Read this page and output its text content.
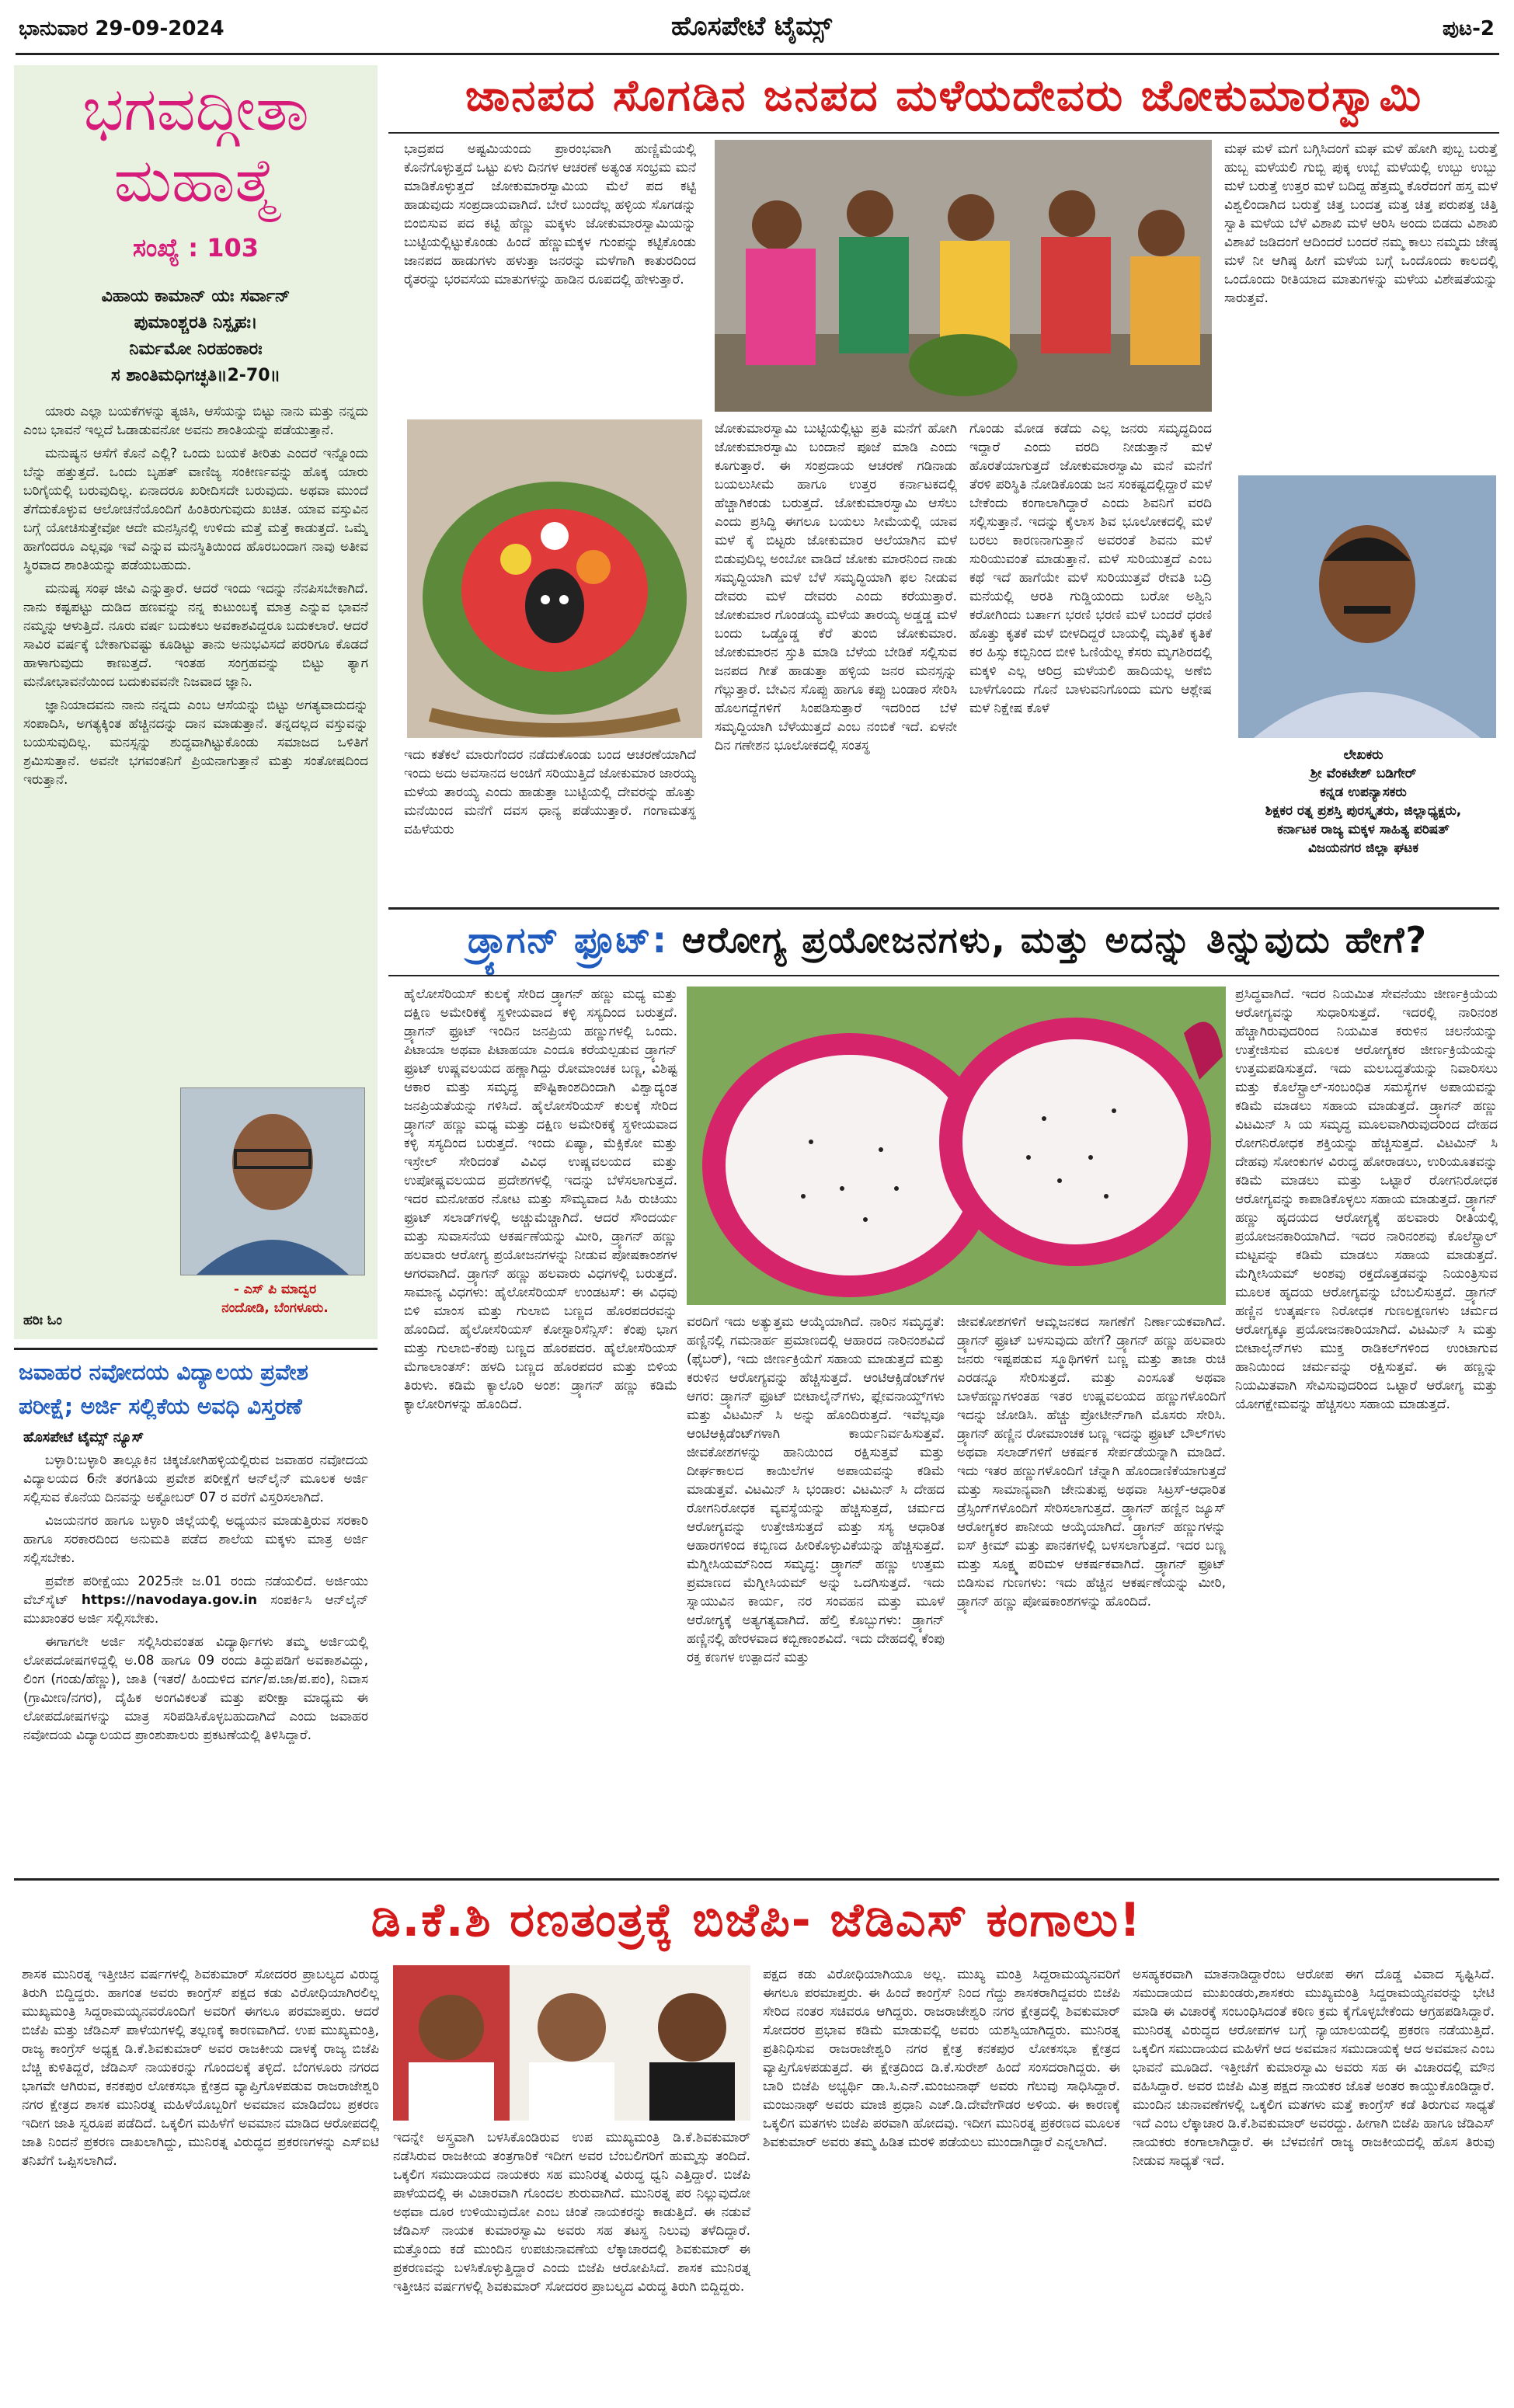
ಭಾನುವಾರ 29-09-2024	ಹೊಸಪೇಟೆ ಟೈಮ್ಸ್	ಪುಟ-2
ಭಗವದ್ಗೀತಾ
ಮಹಾತ್ಮೆ
ಸಂಖ್ಯೆ : 103
ವಿಹಾಯ ಕಾಮಾನ್ ಯಃ ಸರ್ವಾನ್
ಪುಮಾಂಶ್ಚರತಿ ನಿಸ್ಪೃಹಃ।
ನಿರ್ಮಮೋ ನಿರಹಂಕಾರಃ
ಸ ಶಾಂತಿಮಧಿಗಚ್ಛತಿ॥2-70॥

ಯಾರು ಎಲ್ಲಾ ಬಯಕೆಗಳನ್ನು ತ್ಯಜಿಸಿ, ಆಸೆಯನ್ನು ಬಿಟ್ಟು ನಾನು ಮತ್ತು ನನ್ನದು ಎಂಬ ಭಾವನೆ ಇಲ್ಲದೆ ಓಡಾಡುವನೋ ಅವನು ಶಾಂತಿಯನ್ನು ಪಡೆಯುತ್ತಾನೆ.

ಮನುಷ್ಯನ ಆಸೆಗೆ ಕೊನೆ ಎಲ್ಲಿ? ಒಂದು ಬಯಕೆ ತೀರಿತು ಎಂದರೆ ಇನ್ನೊಂದು ಬೆನ್ನು ಹತ್ತುತ್ತದೆ. ಒಂದು ಬೃಹತ್ ವಾಣಿಜ್ಯ ಸಂಕೀರ್ಣವನ್ನು ಹೊಕ್ಕ ಯಾರು ಬರಿಗೈಯಲ್ಲಿ ಬರುವುದಿಲ್ಲ. ಏನಾದರೂ ಖರೀದಿಸದೇ ಬರುವುದು. ಅಥವಾ ಮುಂದೆ ತೆಗೆದುಕೊಳ್ಳುವ ಆಲೋಚನೆಯೊಂದಿಗೆ ಹಿಂತಿರುಗುವುದು ಖಚಿತ. ಯಾವ ವಸ್ತುವಿನ ಬಗ್ಗೆ ಯೋಚಿಸುತ್ತೇವೋ ಆದೇ ಮನಸ್ಸಿನಲ್ಲಿ ಉಳಿದು ಮತ್ತೆ ಮತ್ತೆ ಕಾಡುತ್ತದೆ. ಒಮ್ಮೆ ಹಾಗೆಂದರೂ ಎಲ್ಲವೂ ಇವೆ ಎನ್ನುವ ಮನಸ್ಥಿತಿಯಿಂದ ಹೊರಬಂದಾಗ ನಾವು ಅತೀವ ಸ್ಥಿರವಾದ ಶಾಂತಿಯನ್ನು ಪಡೆಯಬಹುದು.

ಮನುಷ್ಯ ಸಂಘ ಜೀವಿ ಎನ್ನುತ್ತಾರೆ. ಆದರೆ ಇಂದು ಇದನ್ನು ನೆನಪಿಸಬೇಕಾಗಿದೆ. ನಾನು ಕಷ್ಟಪಟ್ಟು ದುಡಿದ ಹಣವನ್ನು ನನ್ನ ಕುಟುಂಬಕ್ಕೆ ಮಾತ್ರ ಎನ್ನುವ ಭಾವನೆ ನಮ್ಮನ್ನು ಆಳುತ್ತಿದೆ. ನೂರು ವರ್ಷ ಬದುಕಲು ಅವಕಾಶವಿದ್ದರೂ ಬದುಕಲಾರೆ. ಆದರೆ ಸಾವಿರ ವರ್ಷಕ್ಕೆ ಬೇಕಾಗುವಷ್ಟು ಕೂಡಿಟ್ಟು ತಾನು ಅನುಭವಿಸದೆ ಪರರಿಗೂ ಕೊಡದೆ ಹಾಳಾಗುವುದು ಕಾಣುತ್ತದೆ. ಇಂತಹ ಸಂಗ್ರಹವನ್ನು ಬಿಟ್ಟು ತ್ಯಾಗ ಮನೋಭಾವನೆಯಿಂದ ಬದುಕುವವನೇ ನಿಜವಾದ ಜ್ಞಾನಿ.

ಜ್ಞಾನಿಯಾದವನು ನಾನು ನನ್ನದು ಎಂಬ ಆಸೆಯನ್ನು ಬಿಟ್ಟು ಅಗತ್ಯವಾದುದನ್ನು ಸಂಪಾದಿಸಿ, ಅಗತ್ಯಕ್ಕಿಂತ ಹೆಚ್ಚಿನದನ್ನು ದಾನ ಮಾಡುತ್ತಾನೆ. ತನ್ನದಲ್ಲದ ವಸ್ತುವನ್ನು ಬಯಸುವುದಿಲ್ಲ. ಮನಸ್ಸನ್ನು ಶುದ್ಧವಾಗಿಟ್ಟುಕೊಂಡು ಸಮಾಜದ ಒಳಿತಿಗೆ ಶ್ರಮಿಸುತ್ತಾನೆ. ಅವನೇ ಭಗವಂತನಿಗೆ ಪ್ರಿಯನಾಗುತ್ತಾನೆ ಮತ್ತು ಸಂತೋಷದಿಂದ ಇರುತ್ತಾನೆ.

- ಎಸ್ ಪಿ ಮಾದ್ವರ
ನಂದೋಡಿ, ಬೆಂಗಳೂರು.
ಹರಿಃ ಓಂ
ಜಾನಪದ ಸೊಗಡಿನ ಜನಪದ ಮಳೆಯದೇವರು ಜೋಕುಮಾರಸ್ವಾಮಿ
ಭಾದ್ರಪದ ಅಷ್ಟಮಿಯಂದು ಪ್ರಾರಂಭವಾಗಿ ಹುಣ್ಣಿಮೆಯಲ್ಲಿ ಕೊನೆಗೊಳ್ಳುತ್ತದೆ ಒಟ್ಟು ಏಳು ದಿನಗಳ ಆಚರಣೆ ಅತ್ಯಂತ ಸಂಭ್ರಮ ಮನೆ ಮಾಡಿಕೊಳ್ಳುತ್ತದೆ ಜೋಕುಮಾರಸ್ವಾಮಿಯ ಮೆಲೆ ಪದ ಕಟ್ಟಿ ಹಾಡುವುದು ಸಂಪ್ರದಾಯವಾಗಿದೆ. ಬೇರೆ ಬುಂದೆಲ್ಲ ಹಳ್ಳಿಯ ಸೊಗಡನ್ನು ಬಿಂಬಿಸುವ ಪದ ಕಟ್ಟಿ ಹೆಣ್ಣು ಮಕ್ಕಳು ಜೋಕುಮಾರಸ್ವಾಮಿಯನ್ನು ಬುಟ್ಟಿಯಲ್ಲಿಟ್ಟುಕೊಂಡು ಹಿಂದೆ ಹೆಣ್ಣುಮಕ್ಕಳ ಗುಂಪನ್ನು ಕಟ್ಟಿಕೊಂಡು ಜಾನಪದ ಹಾಡುಗಳು ಹಳುತ್ತಾ ಜನರನ್ನು ಮಳೆಗಾಗಿ ಕಾತುರದಿಂದ ರೈತರನ್ನು ಭರವಸೆಯ ಮಾತುಗಳನ್ನು ಹಾಡಿನ ರೂಪದಲ್ಲಿ ಹೇಳುತ್ತಾರೆ.
ಇದು ಕತೆಕಲೆ ಮಾರುಗೆಂದರ ನಡೆದುಕೊಂಡು ಬಂದ ಆಚರಣೆಯಾಗಿದೆ ಇಂದು ಅದು ಅವಸಾನದ ಅಂಚಿಗೆ ಸರಿಯುತ್ತಿದೆ ಜೋಕುಮಾರ ಜಾರಯ್ಯ ಮಳೆಯ ತಾರಯ್ಯ ಎಂದು ಹಾಡುತ್ತಾ ಬುಟ್ಟಿಯಲ್ಲಿ ದೇವರನ್ನು ಹೊತ್ತು ಮನೆಯಿಂದ ಮನೆಗೆ ದವಸ ಧಾನ್ಯ ಪಡೆಯುತ್ತಾರೆ. ಗಂಗಾಮತಸ್ಥ ವಹಿಳೆಯರು
ಜೋಕುಮಾರಸ್ವಾಮಿ ಬುಟ್ಟಿಯಲ್ಲಿಟ್ಟು ಪ್ರತಿ ಮನೆಗೆ ಹೋಗಿ ಜೋಕುಮಾರಸ್ವಾಮಿ ಬಂದಾನೆ ಪೂಜೆ ಮಾಡಿ ಎಂದು ಕೂಗುತ್ತಾರೆ. ಈ ಸಂಪ್ರದಾಯ ಆಚರಣೆ ಗಡಿನಾಡು ಬಯಲುಸೀಮೆ ಹಾಗೂ ಉತ್ತರ ಕರ್ನಾಟಕದಲ್ಲಿ ಹೆಚ್ಚಾಗಿಕಂಡು ಬರುತ್ತದೆ. ಜೋಕುಮಾರಸ್ವಾಮಿ ಆಸೆಲು ಎಂದು ಪ್ರಸಿದ್ಧಿ ಈಗಲೂ ಬಯಲು ಸೀಮೆಯಲ್ಲಿ ಯಾವ ಮಳೆ ಕೈ ಬಿಟ್ಟರು ಜೋಕುಮಾರ ಆಲೆಯಾಗಿನ ಮಳೆ ಬಿಡುವುದಿಲ್ಲ ಅಂಬೋ ವಾಡಿದೆ ಜೋಕು ಮಾರನಿಂದ ನಾಡು ಸಮೃದ್ಧಿಯಾಗಿ ಮಳೆ ಬೆಳೆ ಸಮೃದ್ಧಿಯಾಗಿ ಫಲ ನೀಡುವ ದೇವರು ಮಳೆ ದೇವರು ಎಂದು ಕರೆಯುತ್ತಾರೆ. ಜೋಕುಮಾರ ಗೊಂಡಯ್ಯ ಮಳೆಯ ತಾರಯ್ಯ ಅಡ್ಡಡ್ಡ ಮಳೆ ಬಂದು ಒಡ್ಡೊಡ್ಡ ಕೆರೆ ತುಂಬಿ ಜೋಕುಮಾರ. ಜೋಕುಮಾರನ ಸ್ತುತಿ ಮಾಡಿ ಬೆಳೆಯ ಬೇಡಿಕೆ ಸಲ್ಲಿಸುವ ಜನಪದ ಗೀತೆ ಹಾಡುತ್ತಾ ಹಳ್ಳಿಯ ಜನರ ಮನಸ್ಸನ್ನು ಗೆಲ್ಲುತ್ತಾರೆ. ಬೇವಿನ ಸೊಪ್ಪು ಹಾಗೂ ಕಪ್ಪು ಬಂಡಾರ ಸೇರಿಸಿ ಹೊಲಗದ್ದೆಗಳಿಗೆ ಸಿಂಪಡಿಸುತ್ತಾರೆ ಇದರಿಂದ ಬೆಳೆ ಸಮೃದ್ಧಿಯಾಗಿ ಬೆಳೆಯುತ್ತದೆ ಎಂಬ ನಂಬಿಕೆ ಇದೆ. ಏಳನೇ ದಿನ ಗಣೇಶನ ಭೂಲೋಕದಲ್ಲಿ ಸಂತಸ್ಥ
ಗೊಂಡು ಮೋಡ ಕಡೆದು ಎಲ್ಲ ಜನರು ಸಮೃದ್ಧದಿಂದ ಇದ್ದಾರೆ ಎಂದು ವರದಿ ನೀಡುತ್ತಾನೆ ಮಳೆ ಹೊರತೆಯಾಗುತ್ತದೆ ಜೋಕುಮಾರಸ್ವಾಮಿ ಮನೆ ಮನೆಗೆ ತೆರಳಿ ಪರಿಸ್ಥಿತಿ ನೋಡಿಕೊಂಡು ಜನ ಸಂಕಷ್ಟದಲ್ಲಿದ್ದಾರೆ ಮಳೆ ಬೇಕೆಂದು ಕಂಗಾಲಾಗಿದ್ದಾರೆ ಎಂದು ಶಿವನಿಗೆ ವರದಿ ಸಲ್ಲಿಸುತ್ತಾನೆ. ಇದನ್ನು ಕೈಲಾಸ ಶಿವ ಭೂಲೋಕದಲ್ಲಿ ಮಳೆ ಬರಲು ಕಾರಣನಾಗುತ್ತಾನೆ ಅವರಂತೆ ಶಿವನು ಮಳೆ ಸುರಿಯುವಂತೆ ಮಾಡುತ್ತಾನೆ. ಮಳೆ ಸುರಿಯುತ್ತದೆ ಎಂಬ ಕಥೆ ಇದೆ ಹಾಗೆಯೇ ಮಳೆ ಸುರಿಯುತ್ತವೆ ರೇವತಿ ಬದ್ರಿ ಮನೆಯಲ್ಲಿ ಆರತಿ ಗುಡ್ಡಿಯಂದು ಬರೋ ಅಶ್ವಿನಿ ಕರೋಗಿಂದು ಬರ್ತಾಗ ಭರಣಿ ಭರಣಿ ಮಳೆ ಬಂದರೆ ಧರಣಿ ಹೊತ್ತು ಕೃತಕೆ ಮಳೆ ಬೀಳದಿದ್ದರೆ ಬಾಯಲ್ಲಿ ಮೃತಿಕೆ ಕೃತಿಕೆ ಕರ ಹಿಸ್ಸು ಕಬ್ಬಿನಿಂದ ಬೀಳಿ ಓಣಿಯೆಲ್ಲ ಕೆಸರು ಮೃಗಶಿರದಲ್ಲಿ ಮಕ್ಕಳಿ ಎಲ್ಲ ಆರಿದ್ರ ಮಳೆಯಲಿ ಹಾದಿಯಲ್ಲ ಅಣೆಬಿ ಬಾಳೆಗೊಂದು ಗೊನೆ ಬಾಳುವನಿಗೊಂದು ಮಗು ಆಶ್ಲೇಷ ಮಳೆ ನಿಕ್ಷೇಷ ಕೊಳೆ
ಮಘ ಮಳೆ ಮಗೆ ಬಗ್ಗಿಸಿದಂಗೆ ಮಘ ಮಳೆ ಹೋಗಿ ಪುಬ್ಬ ಬರುತ್ತೆ ಹುಬ್ಬ ಮಳೆಯಲಿ ಗುಬ್ಬಿ ಪುಕ್ಕ ಉಬ್ಬೆ ಮಳೆಯಲ್ಲಿ ಉಬ್ಬು ಉಬ್ಬು ಮಳೆ ಬರುತ್ತೆ ಉತ್ತರ ಮಳೆ ಬದಿದ್ದ ಹೆತ್ತಮ್ಮ ಕೊರೆದಂಗೆ ಹಸ್ತ ಮಳೆ ವಿಶ್ವಲಿಂದಾಗಿದ ಬರುತ್ತೆ ಚಿತ್ತ ಬಂದತ್ತ ಮತ್ತ ಚಿತ್ತ ಪರುಪತ್ತ ಚಿತ್ತಿ ಸ್ವಾತಿ ಮಳೆಯ ಬೆಳೆ ವಿಶಾಖಿ ಮಳೆ ಆರಿಸಿ ಅಂದು ಬಿಡದು ವಿಶಾಖಿ ವಿಶಾಖೆ ಜಡಿದಂಗೆ ಆದಿಂದರೆ ಬಂದರೆ ನಮ್ಮ ಕಾಲು ನಮ್ಮದು ಜೇಷ್ಠ ಮಳೆ ನೀ ಆಗಿಷ್ಠ ಹೀಗೆ ಮಳೆಯ ಬಗ್ಗೆ ಒಂದೊಂದು ಕಾಲದಲ್ಲಿ ಒಂದೊಂದು ರೀತಿಯಾದ ಮಾತುಗಳನ್ನು ಮಳೆಯ ವಿಶೇಷತೆಯನ್ನು ಸಾರುತ್ತವೆ.
ಲೇಖಕರು
ಶ್ರೀ ವೆಂಕಟೇಶ್ ಬಡಿಗೇರ್
ಕನ್ನಡ ಉಪನ್ಯಾಸಕರು
ಶಿಕ್ಷಕರ ರತ್ನ ಪ್ರಶಸ್ತಿ ಪುರಸ್ಕೃತರು, ಜಿಲ್ಲಾಧ್ಯಕ್ಷರು,
ಕರ್ನಾಟಕ ರಾಜ್ಯ ಮಕ್ಕಳ ಸಾಹಿತ್ಯ ಪರಿಷತ್
ವಿಜಯನಗರ ಜಿಲ್ಲಾ ಘಟಕ
ಡ್ರ್ಯಾಗನ್ ಫ್ರೂಟ್: ಆರೋಗ್ಯ ಪ್ರಯೋಜನಗಳು, ಮತ್ತು ಅದನ್ನು ತಿನ್ನುವುದು ಹೇಗೆ?
ಹೈಲೋಸೆರಿಯಸ್ ಕುಲಕ್ಕೆ ಸೇರಿದ ಡ್ರ್ಯಾಗನ್ ಹಣ್ಣು ಮಧ್ಯ ಮತ್ತು ದಕ್ಷಿಣ ಅಮೇರಿಕಕ್ಕೆ ಸ್ಥಳೀಯವಾದ ಕಳ್ಳಿ ಸಸ್ಯದಿಂದ ಬರುತ್ತದೆ. ಡ್ರ್ಯಾಗನ್ ಫ್ರೂಟ್ ಇಂದಿನ ಜನಪ್ರಿಯ ಹಣ್ಣುಗಳಲ್ಲಿ ಒಂದು. ಪಿಟಾಯಾ ಅಥವಾ ಪಿಟಾಹಯಾ ಎಂದೂ ಕರೆಯಲ್ಪಡುವ ಡ್ರ್ಯಾಗನ್ ಫ್ರೂಟ್ ಉಷ್ಣವಲಯದ ಹಣ್ಣಾಗಿದ್ದು ರೋಮಾಂಚಕ ಬಣ್ಣ, ವಿಶಿಷ್ಟ ಆಕಾರ ಮತ್ತು ಸಮೃದ್ಧ ಪೌಷ್ಟಿಕಾಂಶದಿಂದಾಗಿ ವಿಶ್ವಾದ್ಯಂತ ಜನಪ್ರಿಯತೆಯನ್ನು ಗಳಿಸಿದೆ. ಹೈಲೋಸೆರಿಯಸ್ ಕುಲಕ್ಕೆ ಸೇರಿದ ಡ್ರ್ಯಾಗನ್ ಹಣ್ಣು ಮಧ್ಯ ಮತ್ತು ದಕ್ಷಿಣ ಅಮೇರಿಕಕ್ಕೆ ಸ್ಥಳೀಯವಾದ ಕಳ್ಳಿ ಸಸ್ಯದಿಂದ ಬರುತ್ತದೆ. ಇಂದು ಏಷ್ಯಾ, ಮೆಕ್ಸಿಕೋ ಮತ್ತು ಇಸ್ರೇಲ್ ಸೇರಿದಂತೆ ವಿವಿಧ ಉಷ್ಣವಲಯದ ಮತ್ತು ಉಪೋಷ್ಣವಲಯದ ಪ್ರದೇಶಗಳಲ್ಲಿ ಇದನ್ನು ಬೆಳೆಸಲಾಗುತ್ತದೆ. ಇದರ ಮನೋಹರ ನೋಟ ಮತ್ತು ಸೌಮ್ಯವಾದ ಸಿಹಿ ರುಚಿಯು ಫ್ರೂಟ್ ಸಲಾಡ್‌ಗಳಲ್ಲಿ ಅಚ್ಚುಮೆಚ್ಚಾಗಿದೆ. ಆದರೆ ಸೌಂದರ್ಯ ಮತ್ತು ಸುವಾಸನೆಯ ಆಕರ್ಷಣೆಯನ್ನು ಮೀರಿ, ಡ್ರ್ಯಾಗನ್ ಹಣ್ಣು ಹಲವಾರು ಆರೋಗ್ಯ ಪ್ರಯೋಜನಗಳನ್ನು ನೀಡುವ ಪೋಷಕಾಂಶಗಳ ಆಗರವಾಗಿದೆ. ಡ್ರ್ಯಾಗನ್ ಹಣ್ಣು ಹಲವಾರು ವಿಧಗಳಲ್ಲಿ ಬರುತ್ತದೆ. ಸಾಮಾನ್ಯ ವಿಧಗಳು: ಹೈಲೋಸೆರಿಯಸ್ ಉಂಡಟಸ್: ಈ ವಿಧವು ಬಿಳಿ ಮಾಂಸ ಮತ್ತು ಗುಲಾಬಿ ಬಣ್ಣದ ಹೊರಪದರವನ್ನು ಹೊಂದಿದೆ. ಹೈಲೋಸೆರಿಯಸ್ ಕೋಸ್ಟಾರಿಸೆನ್ಸಿಸ್: ಕೆಂಪು ಭಾಗ ಮತ್ತು ಗುಲಾಬಿ-ಕೆಂಪು ಬಣ್ಣದ ಹೊರಪದರ. ಹೈಲೋಸೆರಿಯಸ್ ಮೆಗಾಲಾಂತಸ್: ಹಳದಿ ಬಣ್ಣದ ಹೊರಪದರ ಮತ್ತು ಬಿಳಿಯ ತಿರುಳು. ಕಡಿಮೆ ಕ್ಯಾಲೊರಿ ಅಂಶ: ಡ್ರ್ಯಾಗನ್ ಹಣ್ಣು ಕಡಿಮೆ ಕ್ಯಾಲೋರಿಗಳನ್ನು ಹೊಂದಿದೆ.
ವರದಿಗೆ ಇದು ಅತ್ಯುತ್ತಮ ಆಯ್ಕೆಯಾಗಿದೆ. ನಾರಿನ ಸಮೃದ್ಧತೆ: ಹಣ್ಣಿನಲ್ಲಿ ಗಮನಾರ್ಹ ಪ್ರಮಾಣದಲ್ಲಿ ಆಹಾರದ ನಾರಿನಂಶವಿದೆ (ಫೈಬರ್), ಇದು ಜೀರ್ಣಕ್ರಿಯೆಗೆ ಸಹಾಯ ಮಾಡುತ್ತದೆ ಮತ್ತು ಕರುಳಿನ ಆರೋಗ್ಯವನ್ನು ಹೆಚ್ಚಿಸುತ್ತದೆ. ಆಂಟಿಆಕ್ಸಿಡೆಂಟ್‌ಗಳ ಆಗರ: ಡ್ರ್ಯಾಗನ್ ಫ್ರೂಟ್ ಬೀಟಾಲೈನ್‌ಗಳು, ಫ್ಲೇವನಾಯ್ಡ್‌ಗಳು ಮತ್ತು ವಿಟಮಿನ್ ಸಿ ಅನ್ನು ಹೊಂದಿರುತ್ತದೆ. ಇವೆಲ್ಲವೂ ಆಂಟಿಆಕ್ಸಿಡೆಂಟ್‌ಗಳಾಗಿ ಕಾರ್ಯನಿರ್ವಹಿಸುತ್ತವೆ. ಜೀವಕೋಶಗಳನ್ನು ಹಾನಿಯಿಂದ ರಕ್ಷಿಸುತ್ತವೆ ಮತ್ತು ದೀರ್ಘಕಾಲದ ಕಾಯಿಲೆಗಳ ಅಪಾಯವನ್ನು ಕಡಿಮೆ ಮಾಡುತ್ತವೆ. ವಿಟಮಿನ್ ಸಿ ಭಂಡಾರ: ವಿಟಮಿನ್ ಸಿ ದೇಹದ ರೋಗನಿರೋಧಕ ವ್ಯವಸ್ಥೆಯನ್ನು ಹೆಚ್ಚಿಸುತ್ತದೆ, ಚರ್ಮದ ಆರೋಗ್ಯವನ್ನು ಉತ್ತೇಜಿಸುತ್ತದೆ ಮತ್ತು ಸಸ್ಯ ಆಧಾರಿತ ಆಹಾರಗಳಿಂದ ಕಬ್ಬಿಣದ ಹೀರಿಕೊಳ್ಳುವಿಕೆಯನ್ನು ಹೆಚ್ಚಿಸುತ್ತದೆ. ಮೆಗ್ನೀಸಿಯಮ್‌ನಿಂದ ಸಮೃದ್ಧ: ಡ್ರ್ಯಾಗನ್ ಹಣ್ಣು ಉತ್ತಮ ಪ್ರಮಾಣದ ಮೆಗ್ನೀಸಿಯಮ್ ಅನ್ನು ಒದಗಿಸುತ್ತದೆ. ಇದು ಸ್ನಾಯುವಿನ ಕಾರ್ಯ, ನರ ಸಂವಹನ ಮತ್ತು ಮೂಳೆ ಆರೋಗ್ಯಕ್ಕೆ ಅತ್ಯಗತ್ಯವಾಗಿದೆ. ಹೆಲ್ತಿ ಕೊಬ್ಬುಗಳು: ಡ್ರ್ಯಾಗನ್ ಹಣ್ಣಿನಲ್ಲಿ ಹೇರಳವಾದ ಕಬ್ಬಿಣಾಂಶವಿದೆ. ಇದು ದೇಹದಲ್ಲಿ ಕೆಂಪು ರಕ್ತ ಕಣಗಳ ಉತ್ಪಾದನೆ ಮತ್ತು
ಜೀವಕೋಶಗಳಿಗೆ ಆಮ್ಲಜನಕದ ಸಾಗಣೆಗೆ ನಿರ್ಣಾಯಕವಾಗಿದೆ. ಡ್ರ್ಯಾಗನ್ ಫ್ರೂಟ್ ಬಳಸುವುದು ಹೇಗೆ? ಡ್ರ್ಯಾಗನ್ ಹಣ್ಣು ಹಲವಾರು ಜನರು ಇಷ್ಟಪಡುವ ಸ್ಮೂಥಿಗಳಿಗೆ ಬಣ್ಣ ಮತ್ತು ತಾಜಾ ರುಚಿ ಎರಡನ್ನೂ ಸೇರಿಸುತ್ತದೆ. ಮತ್ತು ಎಂಸೂತೆ ಅಥವಾ ಬಾಳೆಹಣ್ಣುಗಳಂತಹ ಇತರ ಉಷ್ಣವಲಯದ ಹಣ್ಣುಗಳೊಂದಿಗೆ ಇದನ್ನು ಜೋಡಿಸಿ. ಹೆಚ್ಚು ಪ್ರೋಟೀನ್‌ಗಾಗಿ ಮೊಸರು ಸೇರಿಸಿ. ಡ್ರ್ಯಾಗನ್ ಹಣ್ಣಿನ ರೋಮಾಂಚಕ ಬಣ್ಣ ಇದನ್ನು ಫ್ರೂಟ್ ಬೌಲ್‌ಗಳು ಅಥವಾ ಸಲಾಡ್‌ಗಳಿಗೆ ಆಕರ್ಷಕ ಸೇರ್ಪಡೆಯನ್ನಾಗಿ ಮಾಡಿದೆ. ಇದು ಇತರ ಹಣ್ಣುಗಳೊಂದಿಗೆ ಚೆನ್ನಾಗಿ ಹೊಂದಾಣಿಕೆಯಾಗುತ್ತದೆ ಮತ್ತು ಸಾಮಾನ್ಯವಾಗಿ ಜೇನುತುಪ್ಪ ಅಥವಾ ಸಿಟ್ರಸ್-ಆಧಾರಿತ ಡ್ರೆಸ್ಸಿಂಗ್‌ಗಳೊಂದಿಗೆ ಸೇರಿಸಲಾಗುತ್ತದೆ. ಡ್ರ್ಯಾಗನ್ ಹಣ್ಣಿನ ಜ್ಯೂಸ್ ಆರೋಗ್ಯಕರ ಪಾನೀಯ ಆಯ್ಕೆಯಾಗಿದೆ. ಡ್ರ್ಯಾಗನ್ ಹಣ್ಣುಗಳನ್ನು ಐಸ್ ಕ್ರೀಮ್ ಮತ್ತು ಪಾನಕಗಳಲ್ಲಿ ಬಳಸಲಾಗುತ್ತದೆ. ಇದರ ಬಣ್ಣ ಮತ್ತು ಸೂಕ್ಷ್ಮ ಪರಿಮಳ ಆಕರ್ಷಕವಾಗಿದೆ. ಡ್ರ್ಯಾಗನ್ ಫ್ರೂಟ್ ಬಿಡಿಸುವ ಗುಣಗಳು: ಇದು ಹೆಚ್ಚಿನ ಆಕರ್ಷಣೆಯನ್ನು ಮೀರಿ, ಡ್ರ್ಯಾಗನ್ ಹಣ್ಣು ಪೋಷಕಾಂಶಗಳನ್ನು ಹೊಂದಿದೆ.
ಪ್ರಸಿದ್ಧವಾಗಿದೆ. ಇದರ ನಿಯಮಿತ ಸೇವನೆಯು ಜೀರ್ಣಕ್ರಿಯೆಯ ಆರೋಗ್ಯವನ್ನು ಸುಧಾರಿಸುತ್ತದೆ. ಇದರಲ್ಲಿ ನಾರಿನಂಶ ಹೆಚ್ಚಾಗಿರುವುದರಿಂದ ನಿಯಮಿತ ಕರುಳಿನ ಚಲನೆಯನ್ನು ಉತ್ತೇಜಿಸುವ ಮೂಲಕ ಆರೋಗ್ಯಕರ ಜೀರ್ಣಕ್ರಿಯೆಯನ್ನು ಉತ್ತಮಪಡಿಸುತ್ತದೆ. ಇದು ಮಲಬದ್ಧತೆಯನ್ನು ನಿವಾರಿಸಲು ಮತ್ತು ಕೊಲೆಸ್ಟ್ರಾಲ್-ಸಂಬಂಧಿತ ಸಮಸ್ಯೆಗಳ ಅಪಾಯವನ್ನು ಕಡಿಮೆ ಮಾಡಲು ಸಹಾಯ ಮಾಡುತ್ತದೆ. ಡ್ರ್ಯಾಗನ್ ಹಣ್ಣು ವಿಟಮಿನ್ ಸಿ ಯ ಸಮೃದ್ಧ ಮೂಲವಾಗಿರುವುದರಿಂದ ದೇಹದ ರೋಗನಿರೋಧಕ ಶಕ್ತಿಯನ್ನು ಹೆಚ್ಚಿಸುತ್ತದೆ. ವಿಟಮಿನ್ ಸಿ ದೇಹವು ಸೋಂಕುಗಳ ವಿರುದ್ಧ ಹೋರಾಡಲು, ಉರಿಯೂತವನ್ನು ಕಡಿಮೆ ಮಾಡಲು ಮತ್ತು ಒಟ್ಟಾರೆ ರೋಗನಿರೋಧಕ ಆರೋಗ್ಯವನ್ನು ಕಾಪಾಡಿಕೊಳ್ಳಲು ಸಹಾಯ ಮಾಡುತ್ತದೆ. ಡ್ರ್ಯಾಗನ್ ಹಣ್ಣು ಹೃದಯದ ಆರೋಗ್ಯಕ್ಕೆ ಹಲವಾರು ರೀತಿಯಲ್ಲಿ ಪ್ರಯೋಜನಕಾರಿಯಾಗಿದೆ. ಇದರ ನಾರಿನಂಶವು ಕೊಲೆಸ್ಟ್ರಾಲ್ ಮಟ್ಟವನ್ನು ಕಡಿಮೆ ಮಾಡಲು ಸಹಾಯ ಮಾಡುತ್ತದೆ. ಮೆಗ್ನೀಸಿಯಮ್ ಅಂಶವು ರಕ್ತದೊತ್ತಡವನ್ನು ನಿಯಂತ್ರಿಸುವ ಮೂಲಕ ಹೃದಯ ಆರೋಗ್ಯವನ್ನು ಬೆಂಬಲಿಸುತ್ತದೆ. ಡ್ರ್ಯಾಗನ್ ಹಣ್ಣಿನ ಉತ್ಕರ್ಷಣ ನಿರೋಧಕ ಗುಣಲಕ್ಷಣಗಳು ಚರ್ಮದ ಆರೋಗ್ಯಕ್ಕೂ ಪ್ರಯೋಜನಕಾರಿಯಾಗಿದೆ. ವಿಟಮಿನ್ ಸಿ ಮತ್ತು ಬೀಟಾಲೈನ್‌ಗಳು ಮುಕ್ತ ರಾಡಿಕಲ್‌ಗಳಿಂದ ಉಂಟಾಗುವ ಹಾನಿಯಿಂದ ಚರ್ಮವನ್ನು ರಕ್ಷಿಸುತ್ತವೆ. ಈ ಹಣ್ಣನ್ನು ನಿಯಮಿತವಾಗಿ ಸೇವಿಸುವುದರಿಂದ ಒಟ್ಟಾರೆ ಆರೋಗ್ಯ ಮತ್ತು ಯೋಗಕ್ಷೇಮವನ್ನು ಹೆಚ್ಚಿಸಲು ಸಹಾಯ ಮಾಡುತ್ತದೆ.
ಜವಾಹರ ನವೋದಯ ವಿದ್ಯಾಲಯ ಪ್ರವೇಶ
ಪರೀಕ್ಷೆ; ಅರ್ಜಿ ಸಲ್ಲಿಕೆಯ ಅವಧಿ ವಿಸ್ತರಣೆ
ಹೊಸಪೇಟೆ ಟೈಮ್ಸ್ ನ್ಯೂಸ್

ಬಳ್ಳಾರಿ:ಬಳ್ಳಾರಿ ತಾಲ್ಲೂಕಿನ ಚಿಕ್ಕಜೋಗಿಹಳ್ಳಿಯಲ್ಲಿರುವ ಜವಾಹರ ನವೋದಯ ವಿದ್ಯಾಲಯದ 6ನೇ ತರಗತಿಯ ಪ್ರವೇಶ ಪರೀಕ್ಷೆಗೆ ಆನ್‌ಲೈನ್ ಮೂಲಕ ಅರ್ಜಿ ಸಲ್ಲಿಸುವ ಕೊನೆಯ ದಿನವನ್ನು ಅಕ್ಟೋಬರ್ 07 ರ ವರೆಗೆ ವಿಸ್ತರಿಸಲಾಗಿದೆ.

ವಿಜಯನಗರ ಹಾಗೂ ಬಳ್ಳಾರಿ ಜಿಲ್ಲೆಯಲ್ಲಿ ಅಧ್ಯಯನ ಮಾಡುತ್ತಿರುವ ಸರಕಾರಿ ಹಾಗೂ ಸರಕಾರದಿಂದ ಅನುಮತಿ ಪಡೆದ ಶಾಲೆಯ ಮಕ್ಕಳು ಮಾತ್ರ ಅರ್ಜಿ ಸಲ್ಲಿಸಬೇಕು.

ಪ್ರವೇಶ ಪರೀಕ್ಷೆಯು 2025ನೇ ಜ.01 ರಂದು ನಡೆಯಲಿದೆ. ಅರ್ಜಿಯು ವೆಬ್‌ಸೈಟ್ https://navodaya.gov.in ಸಂಪರ್ಕಿಸಿ ಆನ್‌ಲೈನ್ ಮುಖಾಂತರ ಅರ್ಜಿ ಸಲ್ಲಿಸಬೇಕು.

ಈಗಾಗಲೇ ಅರ್ಜಿ ಸಲ್ಲಿಸಿರುವಂತಹ ವಿದ್ಯಾರ್ಥಿಗಳು ತಮ್ಮ ಅರ್ಜಿಯಲ್ಲಿ ಲೋಪದೋಷಗಳಿದ್ದಲ್ಲಿ ಅ.08 ಹಾಗೂ 09 ರಂದು ತಿದ್ದುಪಡಿಗೆ ಅವಕಾಶವಿದ್ದು, ಲಿಂಗ (ಗಂಡು/ಹೆಣ್ಣು), ಜಾತಿ (ಇತರೆ/ ಹಿಂದುಳಿದ ವರ್ಗ/ಪ.ಜಾ/ಪ.ಪಂ), ನಿವಾಸ (ಗ್ರಾಮೀಣ/ನಗರ), ದೈಹಿಕ ಅಂಗವಿಕಲತೆ ಮತ್ತು ಪರೀಕ್ಷಾ ಮಾಧ್ಯಮ ಈ ಲೋಪದೋಷಗಳನ್ನು ಮಾತ್ರ ಸರಿಪಡಿಸಿಕೊಳ್ಳಬಹುದಾಗಿದೆ ಎಂದು ಜವಾಹರ ನವೋದಯ ವಿದ್ಯಾಲಯದ ಪ್ರಾಂಶುಪಾಲರು ಪ್ರಕಟಣೆಯಲ್ಲಿ ತಿಳಿಸಿದ್ದಾರೆ.

ಡಿ.ಕೆ.ಶಿ ರಣತಂತ್ರಕ್ಕೆ ಬಿಜೆಪಿ- ಜೆಡಿಎಸ್ ಕಂಗಾಲು!
ಶಾಸಕ ಮುನಿರತ್ನ ಇತ್ತೀಚಿನ ವರ್ಷಗಳಲ್ಲಿ ಶಿವಕುಮಾರ್ ಸೋದರರ ಪ್ರಾಬಲ್ಯದ ವಿರುದ್ಧ ತಿರುಗಿ ಬಿದ್ದಿದ್ದರು. ಹಾಗಂತ ಅವರು ಕಾಂಗ್ರೆಸ್ ಪಕ್ಷದ ಕಡು ವಿರೋಧಿಯಾಗಿರಲಿಲ್ಲ ಮುಖ್ಯಮಂತ್ರಿ ಸಿದ್ದರಾಮಯ್ಯನವರೊಂದಿಗೆ ಅವರಿಗೆ ಈಗಲೂ ಪರಮಾಪ್ತರು. ಆದರೆ ಬಿಜೆಪಿ ಮತ್ತು ಜೆಡಿಎಸ್ ಪಾಳೆಯಗಳಲ್ಲಿ ತಲ್ಲಣಕ್ಕೆ ಕಾರಣವಾಗಿದೆ. ಉಪ ಮುಖ್ಯಮಂತ್ರಿ, ರಾಜ್ಯ ಕಾಂಗ್ರೆಸ್ ಅಧ್ಯಕ್ಷ ಡಿ.ಕೆ.ಶಿವಕುಮಾರ್ ಅವರ ರಾಜಕೀಯ ದಾಳಕ್ಕೆ ರಾಜ್ಯ ಬಿಜೆಪಿ ಬೆಚ್ಚಿ ಕುಳಿತಿದ್ದರೆ, ಜೆಡಿಎಸ್ ನಾಯಕರನ್ನು ಗೊಂದಲಕ್ಕೆ ತಳ್ಳಿದೆ. ಬೆಂಗಳೂರು ನಗರದ ಭಾಗವೇ ಆಗಿರುವ, ಕನಕಪುರ ಲೋಕಸಭಾ ಕ್ಷೇತ್ರದ ವ್ಯಾಪ್ತಿಗೊಳಪಡುವ ರಾಜರಾಜೇಶ್ವರಿ ನಗರ ಕ್ಷೇತ್ರದ ಶಾಸಕ ಮುನಿರತ್ನ ಮಹಿಳೆಯೊಬ್ಬರಿಗೆ ಅವಮಾನ ಮಾಡಿದೆಂಬ ಪ್ರಕರಣ ಇದೀಗ ಜಾತಿ ಸ್ವರೂಪ ಪಡೆದಿದೆ. ಒಕ್ಕಲಿಗ ಮಹಿಳೆಗೆ ಅವಮಾನ ಮಾಡಿದ ಆರೋಪದಲ್ಲಿ ಜಾತಿ ನಿಂದನೆ ಪ್ರಕರಣ ದಾಖಲಾಗಿದ್ದು, ಮುನಿರತ್ನ ವಿರುದ್ಧದ ಪ್ರಕರಣಗಳನ್ನು ಎಸ್ಐಟಿ ತನಿಖೆಗೆ ಒಪ್ಪಿಸಲಾಗಿದೆ.
ಇದನ್ನೇ ಅಸ್ತ್ರವಾಗಿ ಬಳಸಿಕೊಂಡಿರುವ ಉಪ ಮುಖ್ಯಮಂತ್ರಿ ಡಿ.ಕೆ.ಶಿವಕುಮಾರ್ ನಡೆಸಿರುವ ರಾಜಕೀಯ ತಂತ್ರಗಾರಿಕೆ ಇದೀಗ ಅವರ ಬೆಂಬಲಿಗರಿಗೆ ಹುಮ್ಮಸ್ಸು ತಂದಿದೆ. ಒಕ್ಕಲಿಗ ಸಮುದಾಯದ ನಾಯಕರು ಸಹ ಮುನಿರತ್ನ ವಿರುದ್ಧ ಧ್ವನಿ ಎತ್ತಿದ್ದಾರೆ. ಬಿಜೆಪಿ ಪಾಳೆಯದಲ್ಲಿ ಈ ವಿಚಾರವಾಗಿ ಗೊಂದಲ ಶುರುವಾಗಿದೆ. ಮುನಿರತ್ನ ಪರ ನಿಲ್ಲುವುದೋ ಅಥವಾ ದೂರ ಉಳಿಯುವುದೋ ಎಂಬ ಚಿಂತೆ ನಾಯಕರನ್ನು ಕಾಡುತ್ತಿದೆ. ಈ ನಡುವೆ ಜೆಡಿಎಸ್ ನಾಯಕ ಕುಮಾರಸ್ವಾಮಿ ಅವರು ಸಹ ತಟಸ್ಥ ನಿಲುವು ತಳೆದಿದ್ದಾರೆ. ಮತ್ತೊಂದು ಕಡೆ ಮುಂದಿನ ಉಪಚುನಾವಣೆಯ ಲೆಕ್ಕಾಚಾರದಲ್ಲಿ ಶಿವಕುಮಾರ್ ಈ ಪ್ರಕರಣವನ್ನು ಬಳಸಿಕೊಳ್ಳುತ್ತಿದ್ದಾರೆ ಎಂದು ಬಿಜೆಪಿ ಆರೋಪಿಸಿದೆ. ಶಾಸಕ ಮುನಿರತ್ನ ಇತ್ತೀಚಿನ ವರ್ಷಗಳಲ್ಲಿ ಶಿವಕುಮಾರ್ ಸೋದರರ ಪ್ರಾಬಲ್ಯದ ವಿರುದ್ಧ ತಿರುಗಿ ಬಿದ್ದಿದ್ದರು.
ಪಕ್ಷದ ಕಡು ವಿರೋಧಿಯಾಗಿಯೂ ಅಲ್ಲ. ಮುಖ್ಯ ಮಂತ್ರಿ ಸಿದ್ದರಾಮಯ್ಯನವರಿಗೆ ಈಗಲೂ ಪರಮಾಪ್ತರು. ಈ ಹಿಂದೆ ಕಾಂಗ್ರೆಸ್ ನಿಂದ ಗೆದ್ದು ಶಾಸಕರಾಗಿದ್ದವರು ಬಿಜೆಪಿ ಸೇರಿದ ನಂತರ ಸಚಿವರೂ ಆಗಿದ್ದರು. ರಾಜರಾಜೇಶ್ವರಿ ನಗರ ಕ್ಷೇತ್ರದಲ್ಲಿ ಶಿವಕುಮಾರ್ ಸೋದರರ ಪ್ರಭಾವ ಕಡಿಮೆ ಮಾಡುವಲ್ಲಿ ಅವರು ಯಶಸ್ವಿಯಾಗಿದ್ದರು. ಮುನಿರತ್ನ ಪ್ರತಿನಿಧಿಸುವ ರಾಜರಾಜೇಶ್ವರಿ ನಗರ ಕ್ಷೇತ್ರ ಕನಕಪುರ ಲೋಕಸಭಾ ಕ್ಷೇತ್ರದ ವ್ಯಾಪ್ತಿಗೊಳಪಡುತ್ತದೆ. ಈ ಕ್ಷೇತ್ರದಿಂದ ಡಿ.ಕೆ.ಸುರೇಶ್ ಹಿಂದೆ ಸಂಸದರಾಗಿದ್ದರು. ಈ ಬಾರಿ ಬಿಜೆಪಿ ಅಭ್ಯರ್ಥಿ ಡಾ.ಸಿ.ಎನ್.ಮಂಜುನಾಥ್ ಅವರು ಗೆಲುವು ಸಾಧಿಸಿದ್ದಾರೆ. ಮಂಜುನಾಥ್ ಅವರು ಮಾಜಿ ಪ್ರಧಾನಿ ಎಚ್.ಡಿ.ದೇವೇಗೌಡರ ಅಳಿಯ. ಈ ಕಾರಣಕ್ಕೆ ಒಕ್ಕಲಿಗ ಮತಗಳು ಬಿಜೆಪಿ ಪರವಾಗಿ ಹೋದವು. ಇದೀಗ ಮುನಿರತ್ನ ಪ್ರಕರಣದ ಮೂಲಕ ಶಿವಕುಮಾರ್ ಅವರು ತಮ್ಮ ಹಿಡಿತ ಮರಳಿ ಪಡೆಯಲು ಮುಂದಾಗಿದ್ದಾರೆ ಎನ್ನಲಾಗಿದೆ.
ಅಸಹ್ಯಕರವಾಗಿ ಮಾತನಾಡಿದ್ದಾರೆಂಬ ಆರೋಪ ಈಗ ದೊಡ್ಡ ವಿವಾದ ಸೃಷ್ಟಿಸಿದೆ. ಸಮುದಾಯದ ಮುಖಂಡರು,ಶಾಸಕರು ಮುಖ್ಯಮಂತ್ರಿ ಸಿದ್ದರಾಮಯ್ಯನವರನ್ನು ಭೇಟಿ ಮಾಡಿ ಈ ವಿಚಾರಕ್ಕೆ ಸಂಬಂಧಿಸಿದಂತೆ ಕಠಿಣ ಕ್ರಮ ಕೈಗೊಳ್ಳಬೇಕೆಂದು ಆಗ್ರಹಪಡಿಸಿದ್ದಾರೆ. ಮುನಿರತ್ನ ವಿರುದ್ಧದ ಆರೋಪಗಳ ಬಗ್ಗೆ ನ್ಯಾಯಾಲಯದಲ್ಲಿ ಪ್ರಕರಣ ನಡೆಯುತ್ತಿದೆ. ಒಕ್ಕಲಿಗ ಸಮುದಾಯದ ಮಹಿಳೆಗೆ ಆದ ಅವಮಾನ ಸಮುದಾಯಕ್ಕೆ ಆದ ಅವಮಾನ ಎಂಬ ಭಾವನೆ ಮೂಡಿದೆ. ಇತ್ತೀಚೆಗೆ ಕುಮಾರಸ್ವಾಮಿ ಅವರು ಸಹ ಈ ವಿಚಾರದಲ್ಲಿ ಮೌನ ವಹಿಸಿದ್ದಾರೆ. ಅವರ ಬಿಜೆಪಿ ಮಿತ್ರ ಪಕ್ಷದ ನಾಯಕರ ಜೊತೆ ಅಂತರ ಕಾಯ್ದುಕೊಂಡಿದ್ದಾರೆ. ಮುಂದಿನ ಚುನಾವಣೆಗಳಲ್ಲಿ ಒಕ್ಕಲಿಗ ಮತಗಳು ಮತ್ತೆ ಕಾಂಗ್ರೆಸ್ ಕಡೆ ತಿರುಗುವ ಸಾಧ್ಯತೆ ಇದೆ ಎಂಬ ಲೆಕ್ಕಾಚಾರ ಡಿ.ಕೆ.ಶಿವಕುಮಾರ್ ಅವರದ್ದು. ಹೀಗಾಗಿ ಬಿಜೆಪಿ ಹಾಗೂ ಜೆಡಿಎಸ್ ನಾಯಕರು ಕಂಗಾಲಾಗಿದ್ದಾರೆ. ಈ ಬೆಳವಣಿಗೆ ರಾಜ್ಯ ರಾಜಕೀಯದಲ್ಲಿ ಹೊಸ ತಿರುವು ನೀಡುವ ಸಾಧ್ಯತೆ ಇದೆ.
